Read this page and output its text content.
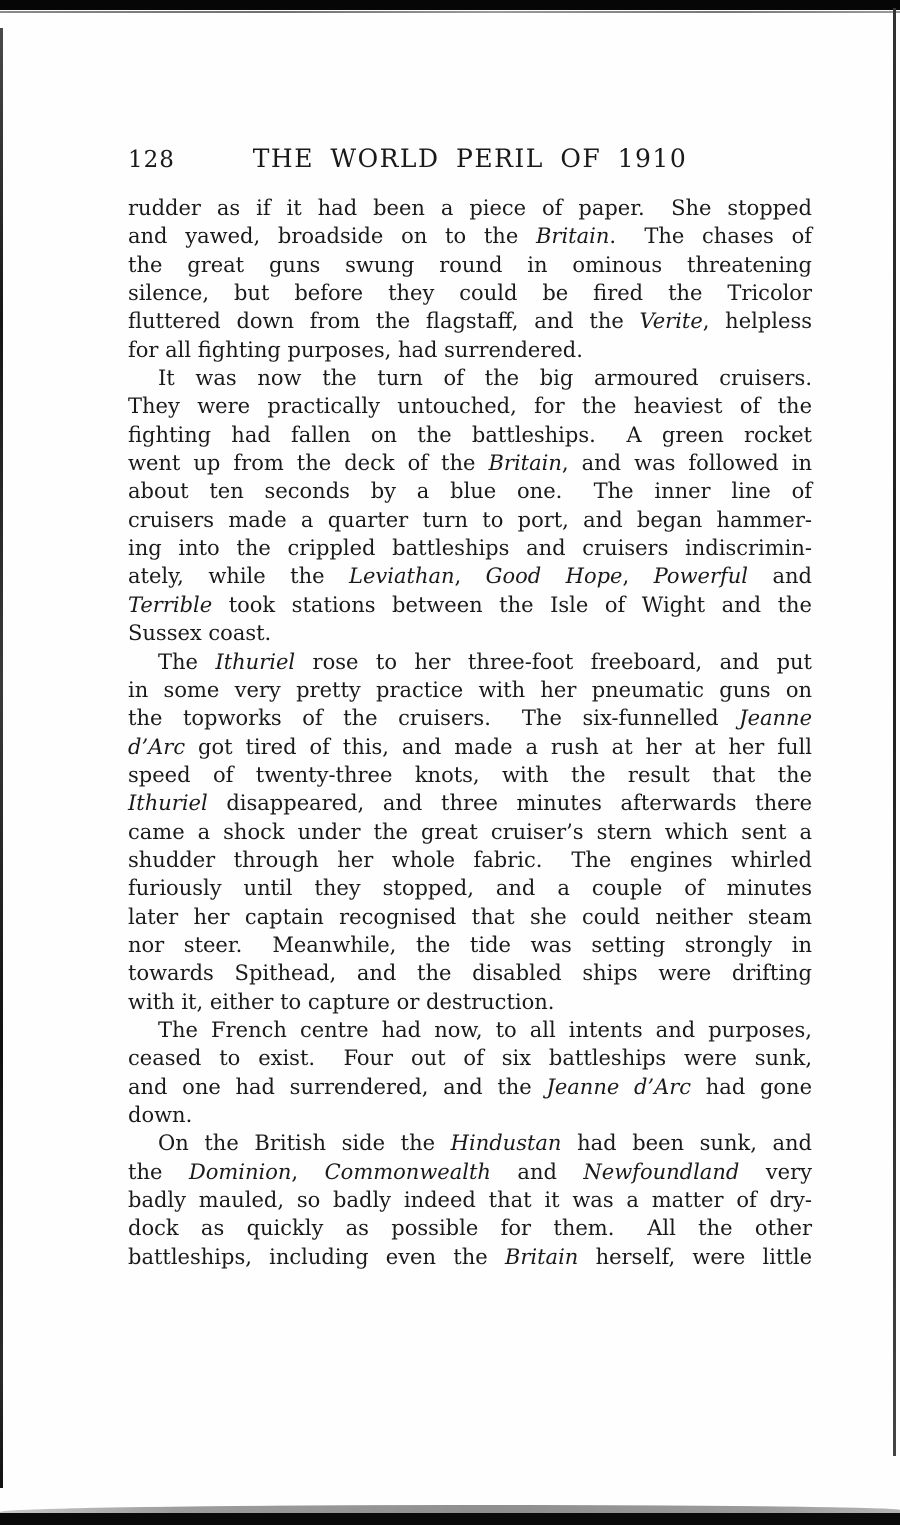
128	THE WORLD PERIL OF 1910
rudder as if it had been a piece of paper.  She stopped
and yawed, broadside on to the Britain.  The chases of
the great guns swung round in ominous threatening
silence, but before they could be fired the Tricolor
fluttered down from the flagstaff, and the Verite, helpless
for all fighting purposes, had surrendered.
It was now the turn of the big armoured cruisers.
They were practically untouched, for the heaviest of the
fighting had fallen on the battleships.  A green rocket
went up from the deck of the Britain, and was followed in
about ten seconds by a blue one.  The inner line of
cruisers made a quarter turn to port, and began hammer-
ing into the crippled battleships and cruisers indiscrimin-
ately, while the Leviathan, Good Hope, Powerful and
Terrible took stations between the Isle of Wight and the
Sussex coast.
The Ithuriel rose to her three-foot freeboard, and put
in some very pretty practice with her pneumatic guns on
the topworks of the cruisers.  The six-funnelled Jeanne
d’Arc got tired of this, and made a rush at her at her full
speed of twenty-three knots, with the result that the
Ithuriel disappeared, and three minutes afterwards there
came a shock under the great cruiser’s stern which sent a
shudder through her whole fabric.  The engines whirled
furiously until they stopped, and a couple of minutes
later her captain recognised that she could neither steam
nor steer.  Meanwhile, the tide was setting strongly in
towards Spithead, and the disabled ships were drifting
with it, either to capture or destruction.
The French centre had now, to all intents and purposes,
ceased to exist.  Four out of six battleships were sunk,
and one had surrendered, and the Jeanne d’Arc had gone
down.
On the British side the Hindustan had been sunk, and
the Dominion, Commonwealth and Newfoundland very
badly mauled, so badly indeed that it was a matter of dry-
dock as quickly as possible for them.  All the other
battleships, including even the Britain herself, were little
